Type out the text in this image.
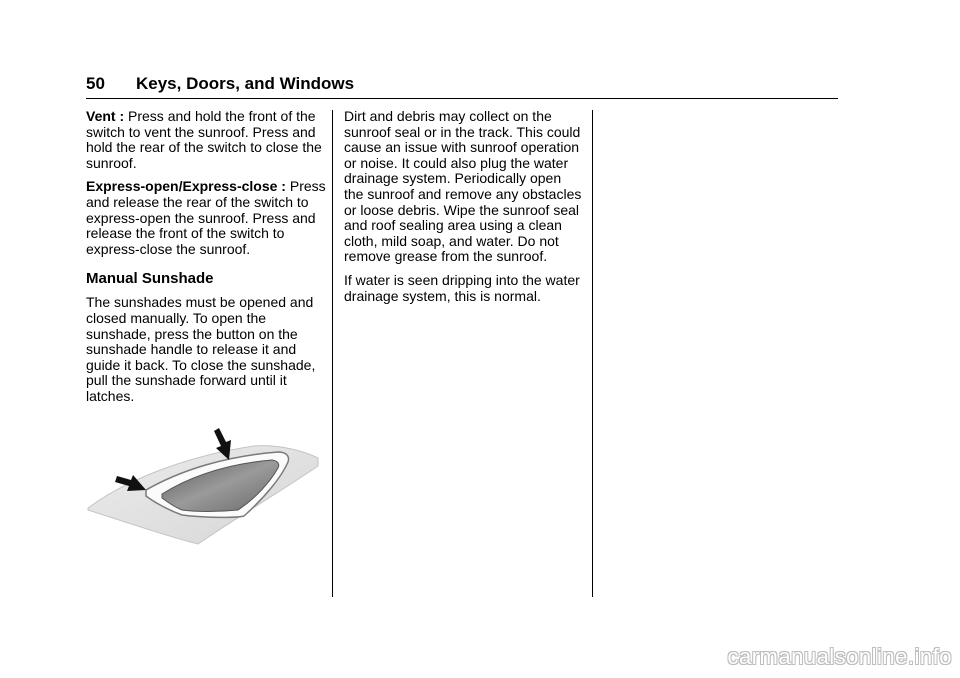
50 Keys, Doors, and Windows

Vent : Press and hold the front of the switch to vent the sunroof. Press and hold the rear of the switch to close the sunroof.

Express-open/Express-close : Press and release the rear of the switch to express-open the sunroof. Press and release the front of the switch to express-close the sunroof.

Manual Sunshade

The sunshades must be opened and closed manually. To open the sunshade, press the button on the sunshade handle to release it and guide it back. To close the sunshade, pull the sunshade forward until it latches.

Dirt and debris may collect on the sunroof seal or in the track. This could cause an issue with sunroof operation or noise. It could also plug the water drainage system. Periodically open the sunroof and remove any obstacles or loose debris. Wipe the sunroof seal and roof sealing area using a clean cloth, mild soap, and water. Do not remove grease from the sunroof.

If water is seen dripping into the water drainage system, this is normal.

carmanualsonline.info
